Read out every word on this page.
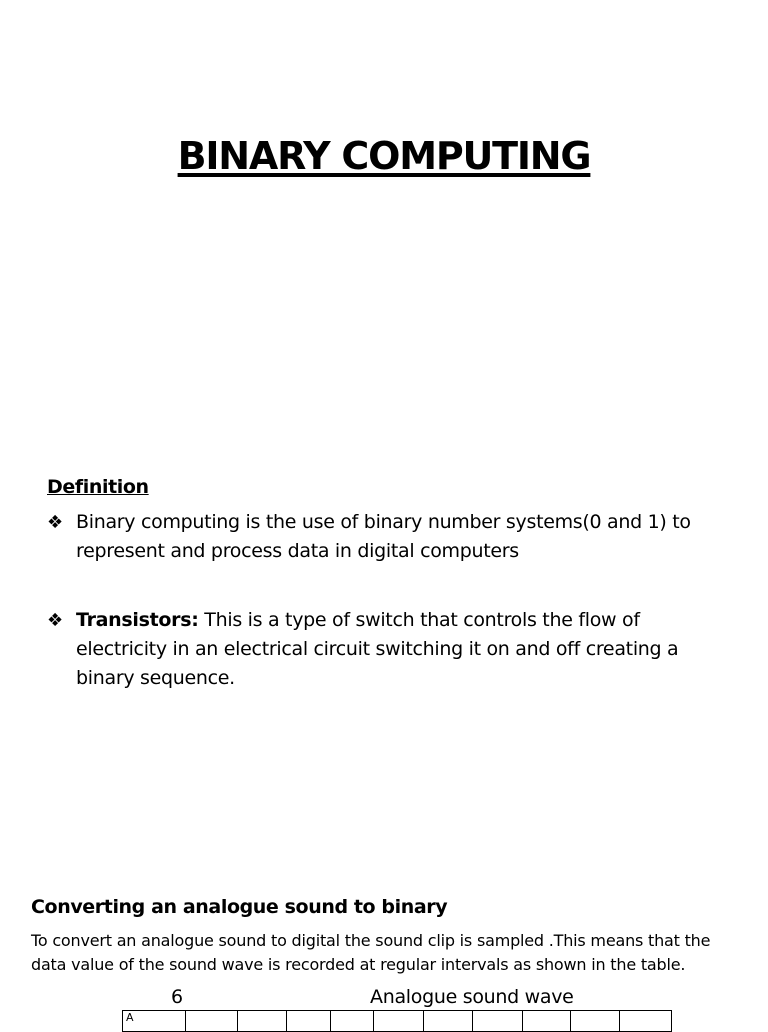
BINARY COMPUTING
Definition
❖ Binary computing is the use of binary number systems(0 and 1) to represent and process data in digital computers
❖ Transistors: This is a type of switch that controls the flow of electricity in an electrical circuit switching it on and off creating a binary sequence.
Converting an analogue sound to binary

To convert an analogue sound to digital the sound clip is sampled .This means that the data value of the sound wave is recorded at regular intervals as shown in the table.

6	Analogue sound wave
A										
